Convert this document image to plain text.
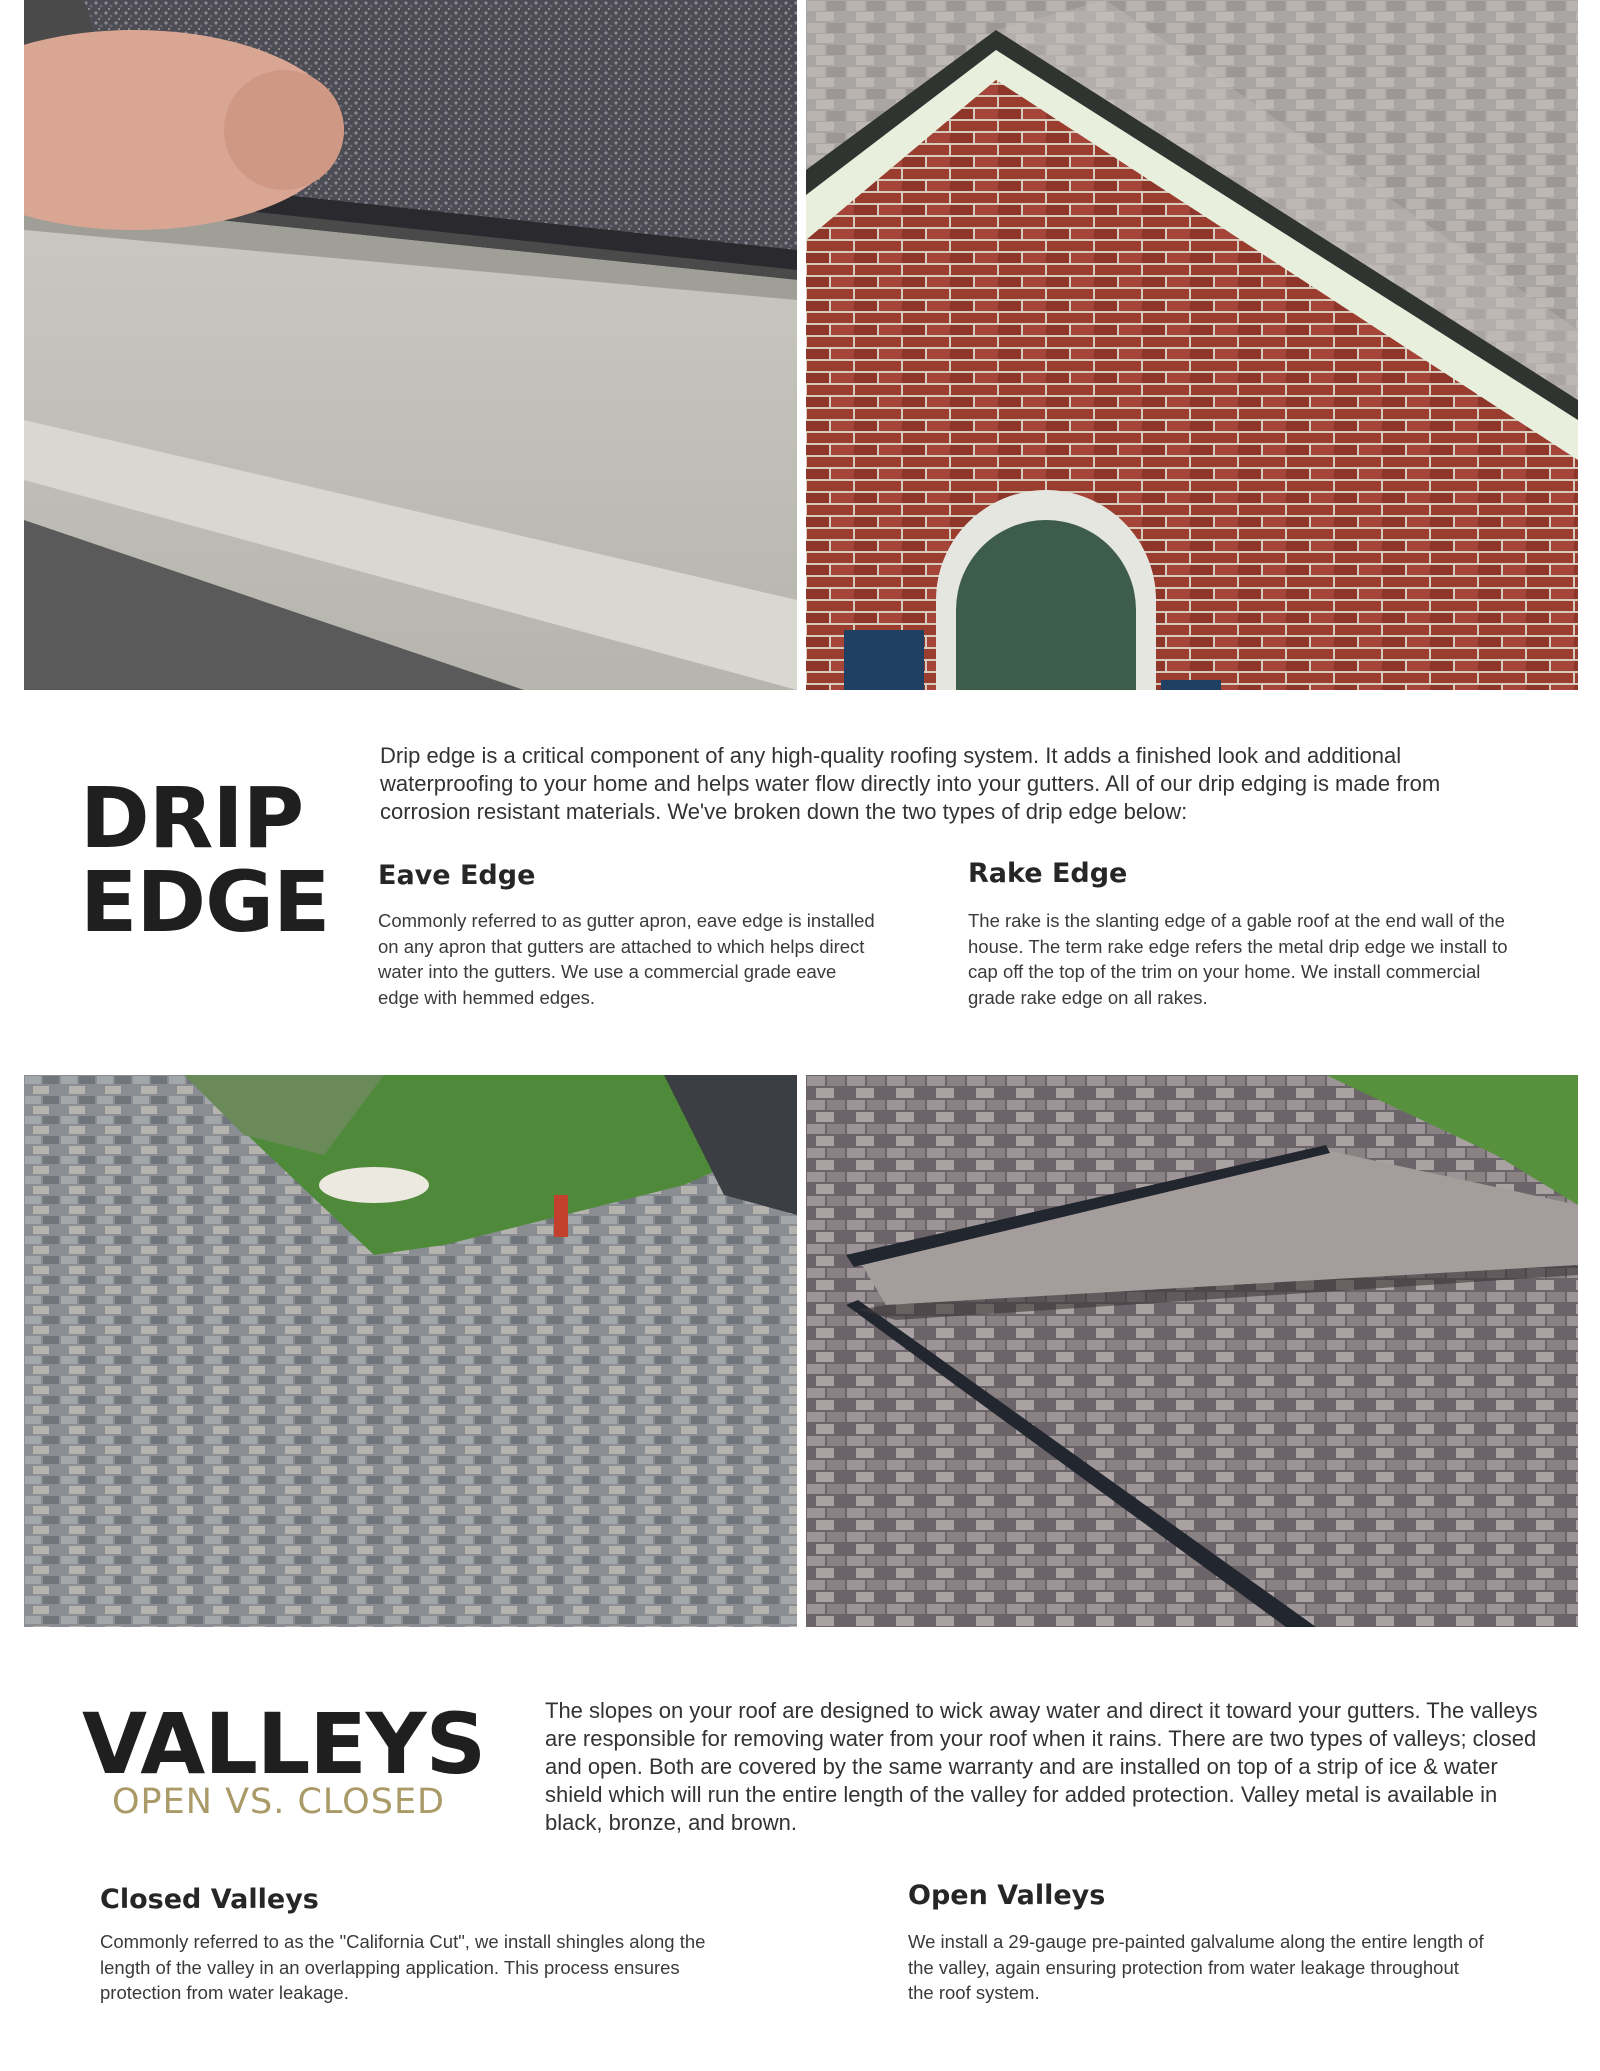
DRIP
EDGE

Drip edge is a critical component of any high-quality roofing system. It adds a finished look and additional waterproofing to your home and helps water flow directly into your gutters. All of our drip edging is made from corrosion resistant materials. We've broken down the two types of drip edge below:

Eave Edge

Commonly referred to as gutter apron, eave edge is installed on any apron that gutters are attached to which helps direct water into the gutters. We use a commercial grade eave edge with hemmed edges.

Rake Edge

The rake is the slanting edge of a gable roof at the end wall of the house. The term rake edge refers the metal drip edge we install to cap off the top of the trim on your home. We install commercial grade rake edge on all rakes.

VALLEYS
OPEN VS. CLOSED

The slopes on your roof are designed to wick away water and direct it toward your gutters. The valleys are responsible for removing water from your roof when it rains. There are two types of valleys; closed and open. Both are covered by the same warranty and are installed on top of a strip of ice & water shield which will run the entire length of the valley for added protection. Valley metal is available in black, bronze, and brown.

Closed Valleys

Commonly referred to as the "California Cut", we install shingles along the length of the valley in an overlapping application. This process ensures protection from water leakage.

Open Valleys

We install a 29-gauge pre-painted galvalume along the entire length of the valley, again ensuring protection from water leakage throughout the roof system.
